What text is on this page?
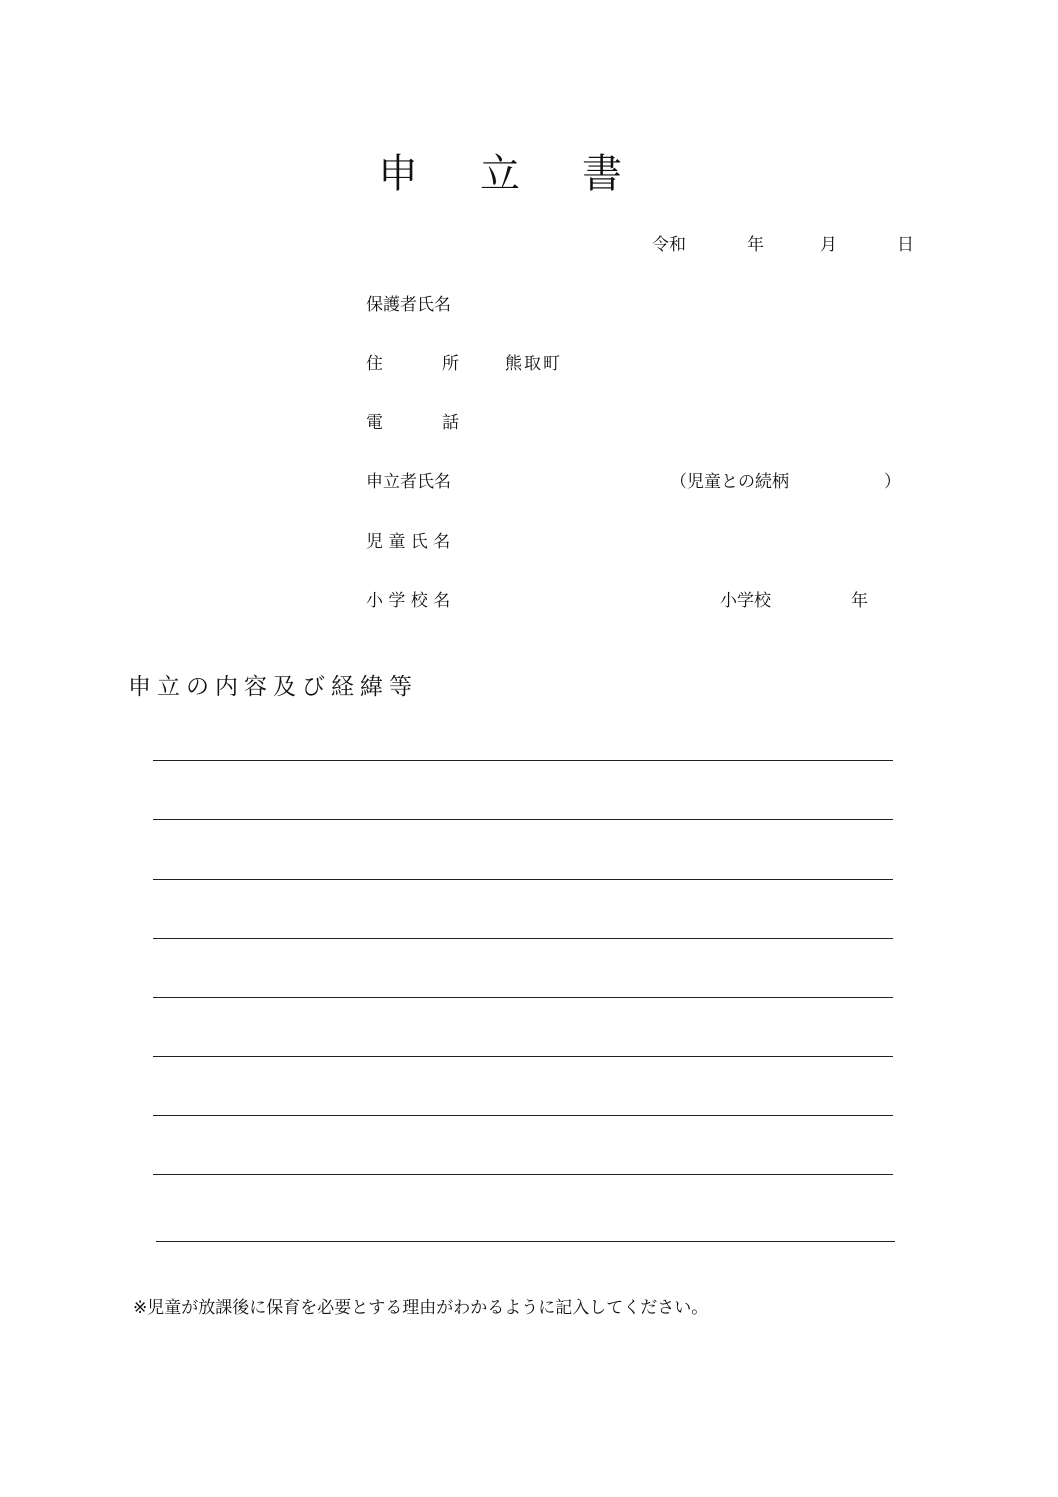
申 立 書
令和	年	月	日
保護者氏名
住	所	熊取町
電	話
申立者氏名	（児童との続柄	）
児 童 氏 名
小 学 校 名	小学校	年
申立の内容及び経緯等
※児童が放課後に保育を必要とする理由がわかるように記入してください。
